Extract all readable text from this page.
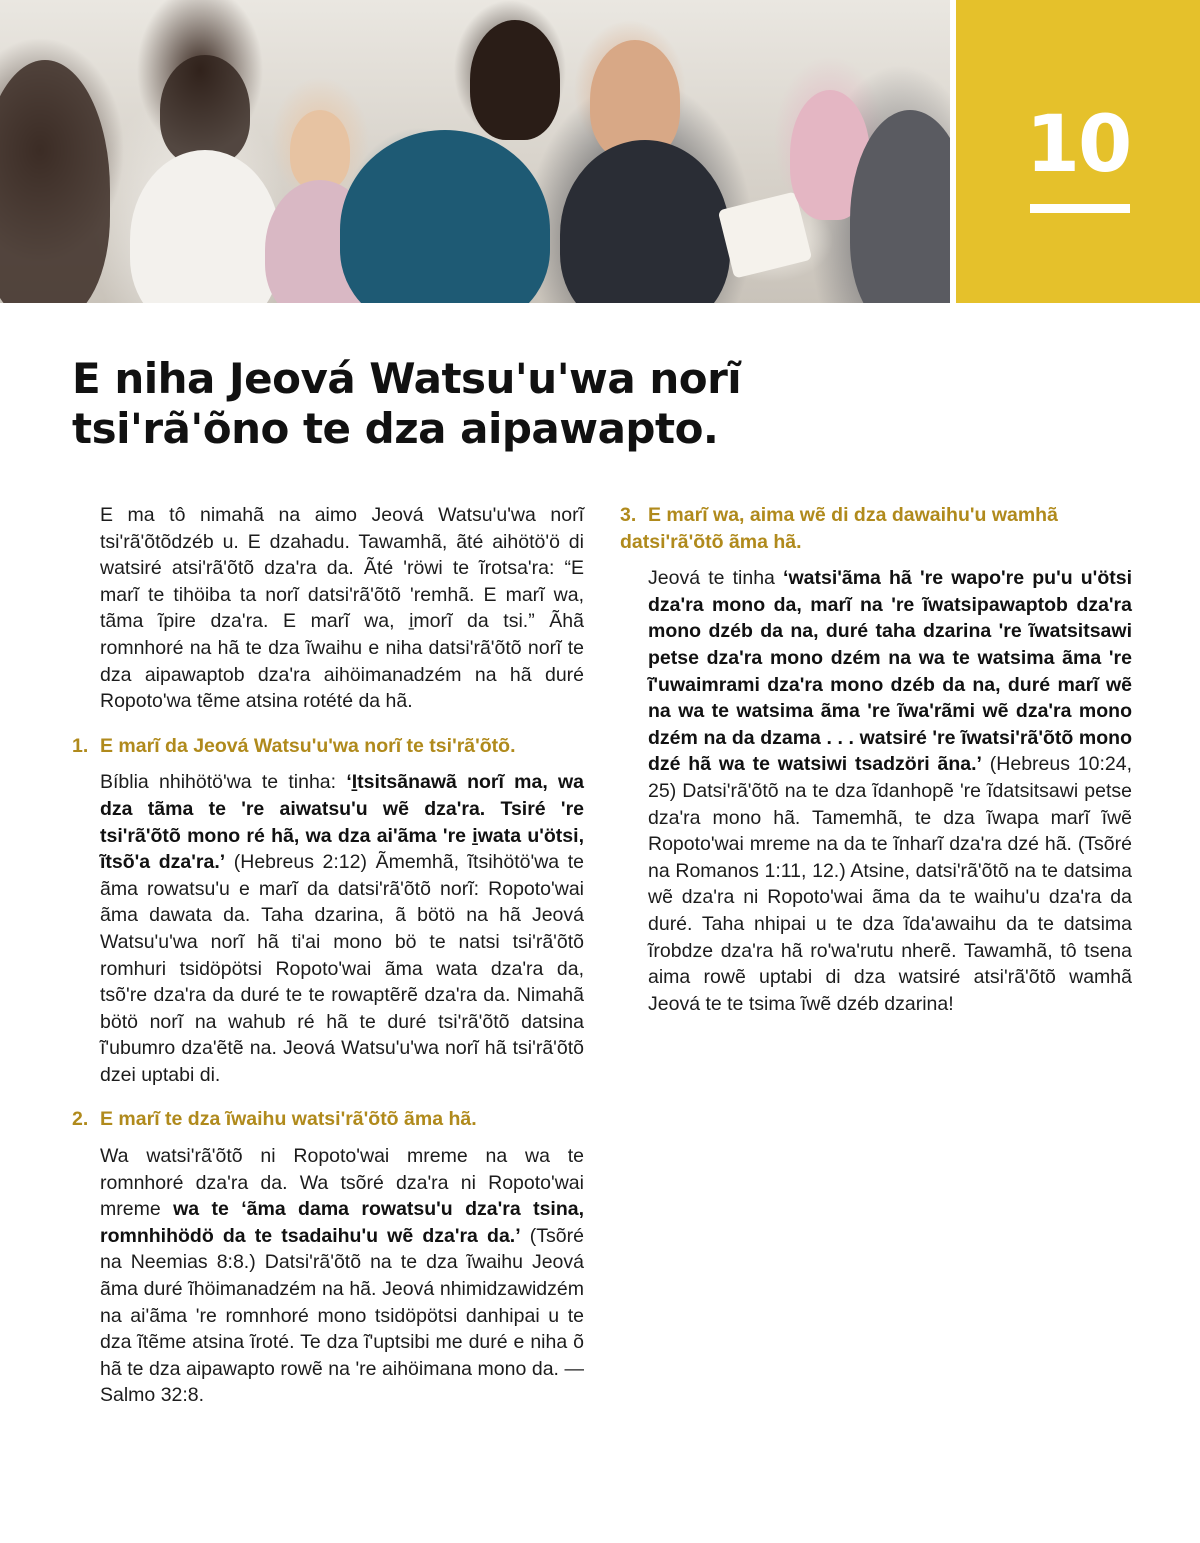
10
E niha Jeová Watsu'u'wa norĩ
tsi'rã'õno te dza aipawapto.

E ma tô nimahã na aimo Jeová Watsu'u'wa norĩ tsi'rã'õtõdzéb u. E dzahadu. Tawamhã, ãté aihötö'ö di watsiré atsi'rã'õtõ dza'ra da. Ãté 'röwi te ĩrotsa'ra: “E marĩ te tihöiba ta norĩ datsi'rã'õtõ 'remhã. E marĩ wa, tãma ĩpire dza'ra. E marĩ wa, i̱morĩ da tsi.” Ãhã romnhoré na hã te dza ĩwaihu e niha datsi'rã'õtõ norĩ te dza aipawaptob dza'ra aihöimanadzém na hã duré Ropoto'wa tẽme atsina rotété da hã.

1. E marĩ da Jeová Watsu'u'wa norĩ te tsi'rã'õtõ.

Bíblia nhihötö'wa te tinha: ‘I̱tsitsãnawã norĩ ma, wa dza tãma te 're aiwatsu'u wẽ dza'ra. Tsiré 're tsi'rã'õtõ mono ré hã, wa dza ai'ãma 're i̱wata u'ötsi, ĩtsõ'a dza'ra.’ (Hebreus 2:12) Ãmemhã, ĩtsihötö'wa te ãma rowatsu'u e marĩ da datsi'rã'õtõ norĩ: Ropoto'wai ãma dawata da. Taha dzarina, ã bötö na hã Jeová Watsu'u'wa norĩ hã ti'ai mono bö te natsi tsi'rã'õtõ romhuri tsidöpötsi Ropoto'wai ãma wata dza'ra da, tsõ're dza'ra da duré te te rowaptẽrẽ dza'ra da. Nimahã bötö norĩ na wahub ré hã te duré tsi'rã'õtõ datsina ĩ'ubumro dza'ẽtẽ na. Jeová Watsu'u'wa norĩ hã tsi'rã'õtõ dzei uptabi di.

2. E marĩ te dza ĩwaihu watsi'rã'õtõ ãma hã.

Wa watsi'rã'õtõ ni Ropoto'wai mreme na wa te romnhoré dza'ra da. Wa tsõré dza'ra ni Ropoto'wai mreme wa te ‘ãma dama rowatsu'u dza'ra tsina, romnhihödö da te tsadaihu'u wẽ dza'ra da.’ (Tsõré na Neemias 8:8.) Datsi'rã'õtõ na te dza ĩwaihu Jeová ãma duré ĩhöimanadzém na hã. Jeová nhimidzawidzém na ai'ãma 're romnhoré mono tsidöpötsi danhipai u te dza ĩtẽme atsina ĩroté. Te dza ĩ'uptsibi me duré e niha õ hã te dza aipawapto rowẽ na 're aihöimana mono da. — Salmo 32:8.

3. E marĩ wa, aima wẽ di dza dawaihu'u wamhã datsi'rã'õtõ ãma hã.

Jeová te tinha ‘watsi'ãma hã 're wapo're pu'u u'ötsi dza'ra mono da, marĩ na 're ĩwatsipawaptob dza'ra mono dzéb da na, duré taha dzarina 're ĩwatsitsawi petse dza'ra mono dzém na wa te watsima ãma 're ĩ'uwaimrami dza'ra mono dzéb da na, duré marĩ wẽ na wa te watsima ãma 're ĩwa'rãmi wẽ dza'ra mono dzém na da dzama . . . watsiré 're ĩwatsi'rã'õtõ mono dzé hã wa te watsiwi tsadzöri ãna.’ (Hebreus 10:24, 25) Datsi'rã'õtõ na te dza ĩdanhopẽ 're ĩdatsitsawi petse dza'ra mono hã. Tamemhã, te dza ĩwapa marĩ ĩwẽ Ropoto'wai mreme na da te ĩnharĩ dza'ra dzé hã. (Tsõré na Romanos 1:11, 12.) Atsine, datsi'rã'õtõ na te datsima wẽ dza'ra ni Ropoto'wai ãma da te waihu'u dza'ra da duré. Taha nhipai u te dza ĩda'awaihu da te datsima ĩrobdze dza'ra hã ro'wa'rutu nherẽ. Tawamhã, tô tsena aima rowẽ uptabi di dza watsiré atsi'rã'õtõ wamhã Jeová te te tsima ĩwẽ dzéb dzarina!
